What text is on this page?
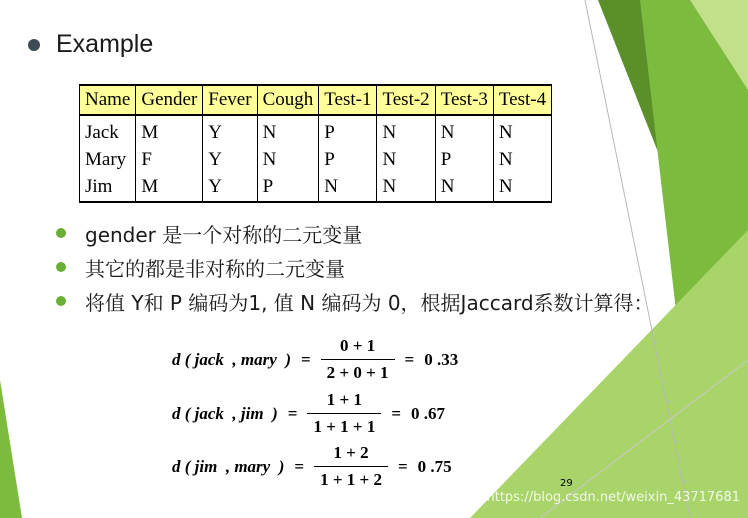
Example
Name	Gender	Fever	Cough	Test-1	Test-2	Test-3	Test-4
Jack	M	Y	N	P	N	N	N
Mary	F	Y	N	P	N	P	N
Jim	M	Y	P	N	N	N	N
gender 是一个对称的二元变量
其它的都是非对称的二元变量
将值 Y和 P 编码为1, 值 N 编码为 0，根据Jaccard系数计算得：
d ( jack  , mary  ) = $\frac{0 + 1}{2 + 0 + 1} = 0$ .33
d ( jack  , jim  ) = $\frac{1 + 1}{1 + 1 + 1} = 0$ .67
d ( jim  , mary  ) = $\frac{1 + 2}{1 + 1 + 2} = 0$ .75
29
https://blog.csdn.net/weixin_43717681
